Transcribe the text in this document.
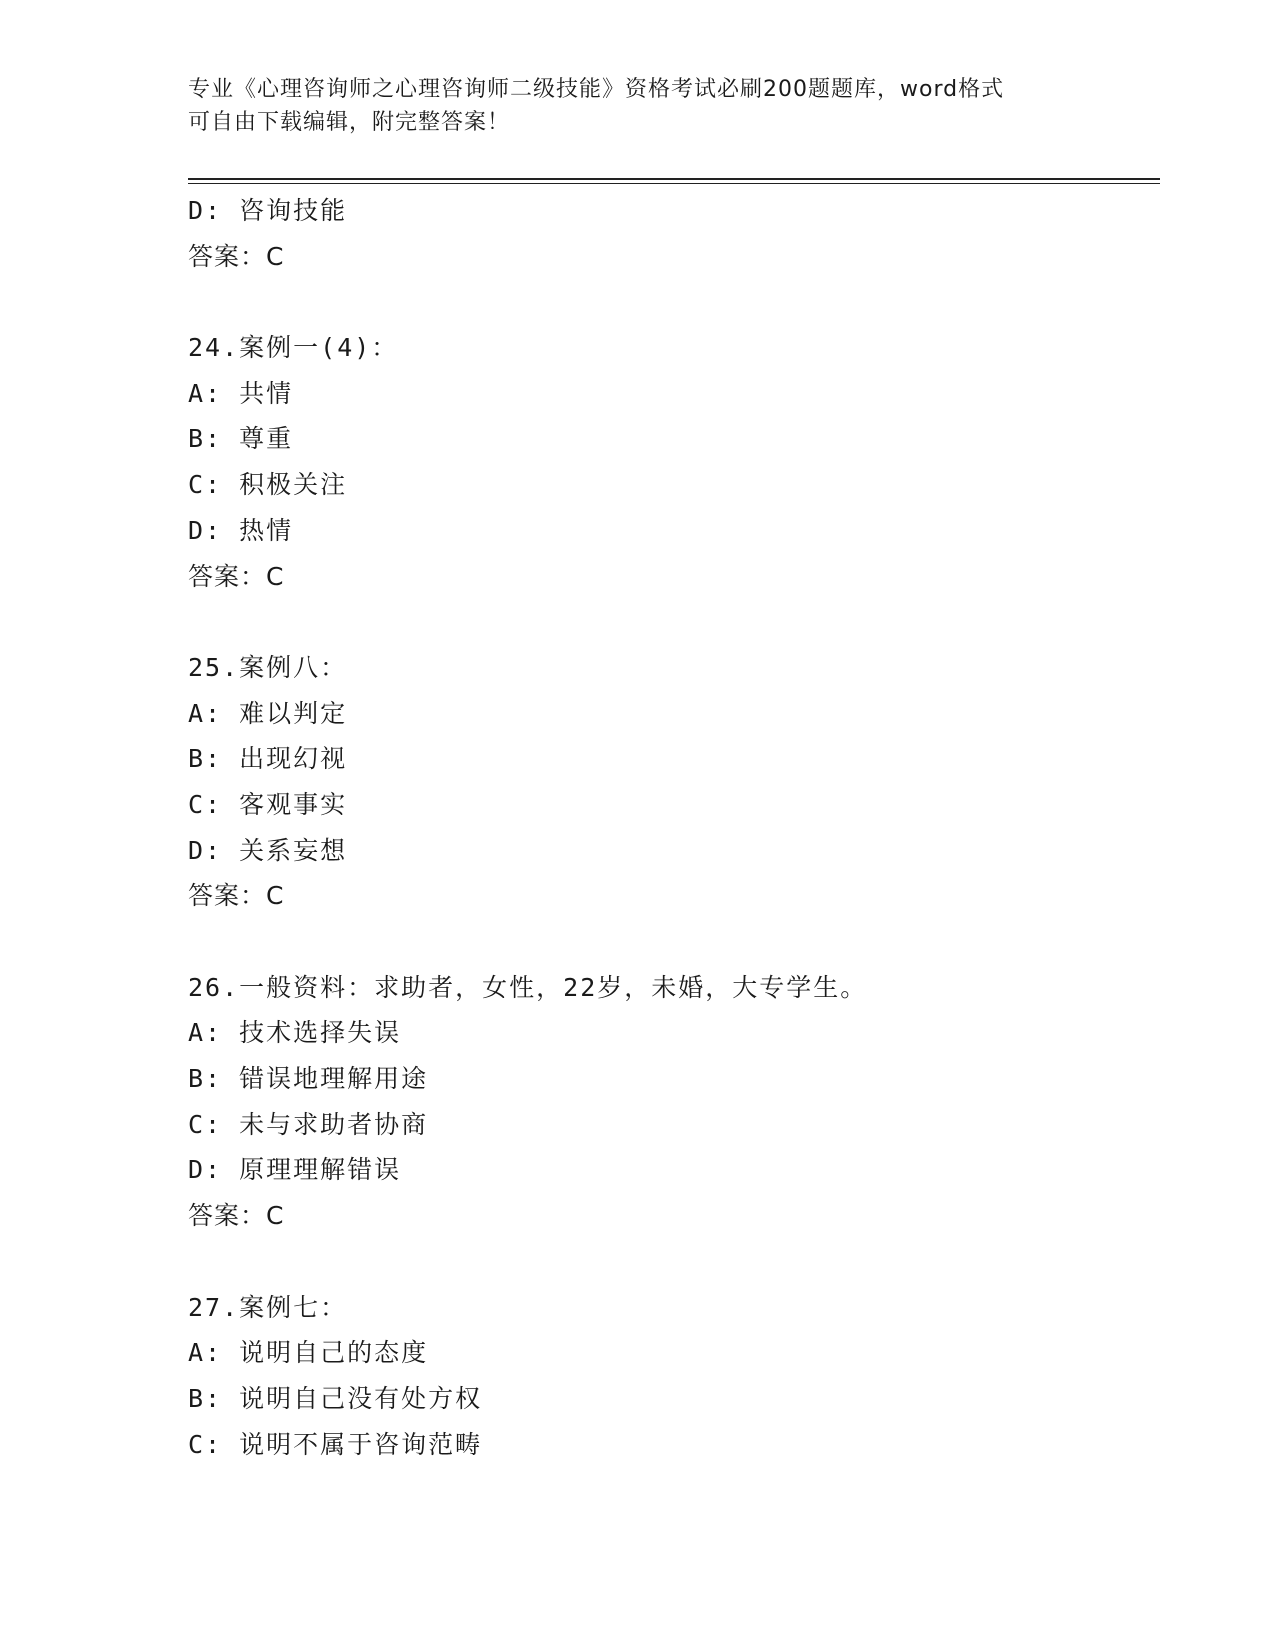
专业《心理咨询师之心理咨询师二级技能》资格考试必刷200题题库，word格式
可自由下载编辑，附完整答案！
D: 咨询技能
答案：C
24.案例一(4)：
A: 共情
B: 尊重
C: 积极关注
D: 热情
答案：C
25.案例八：
A: 难以判定
B: 出现幻视
C: 客观事实
D: 关系妄想
答案：C
26.一般资料：求助者，女性，22岁，未婚，大专学生。
A: 技术选择失误
B: 错误地理解用途
C: 未与求助者协商
D: 原理理解错误
答案：C
27.案例七：
A: 说明自己的态度
B: 说明自己没有处方权
C: 说明不属于咨询范畴
